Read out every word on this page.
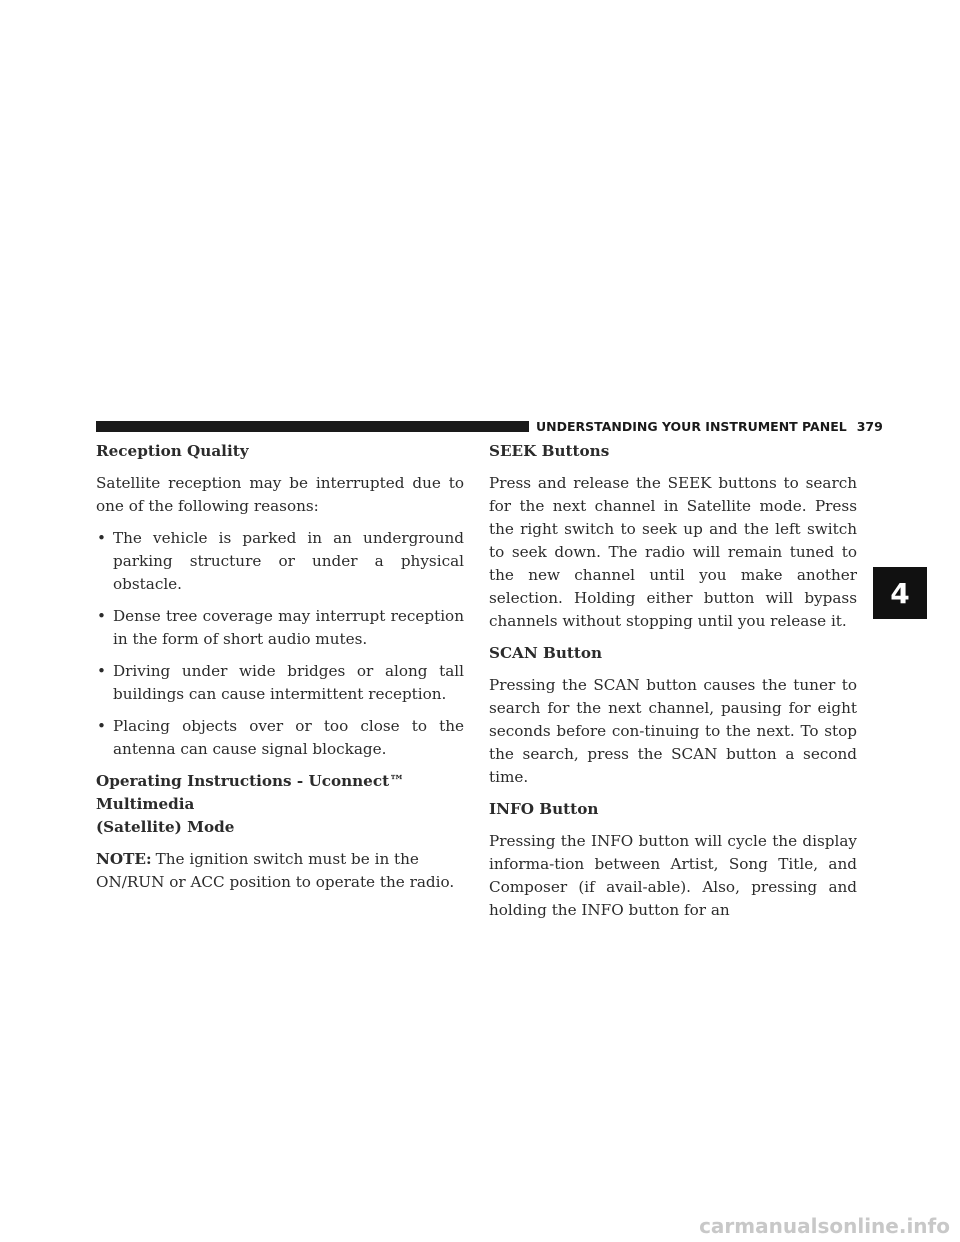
UNDERSTANDING YOUR INSTRUMENT PANEL 379
Reception Quality

Satellite reception may be interrupted due to one of the following reasons:

• The vehicle is parked in an underground parking structure or under a physical obstacle.
• Dense tree coverage may interrupt reception in the form of short audio mutes.
• Driving under wide bridges or along tall buildings can cause intermittent reception.
• Placing objects over or too close to the antenna can cause signal blockage.
Operating Instructions - Uconnect™ Multimedia
(Satellite) Mode

NOTE: The ignition switch must be in the ON/RUN or ACC position to operate the radio.

SEEK Buttons

Press and release the SEEK buttons to search for the next channel in Satellite mode. Press the right switch to seek up and the left switch to seek down. The radio will remain tuned to the new channel until you make another selection. Holding either button will bypass channels without stopping until you release it.

SCAN Button

Pressing the SCAN button causes the tuner to search for the next channel, pausing for eight seconds before con-tinuing to the next. To stop the search, press the SCAN button a second time.

INFO Button

Pressing the INFO button will cycle the display informa-tion between Artist, Song Title, and Composer (if avail-able). Also, pressing and holding the INFO button for an

4
carmanualsonline.info
